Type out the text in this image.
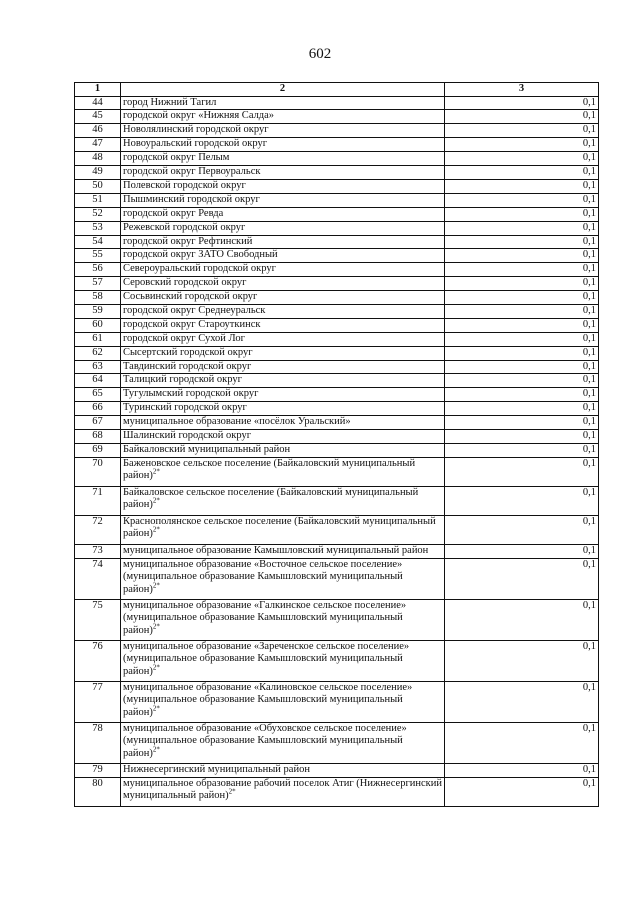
602
1	2	3
44	город Нижний Тагил	0,1
45	городской округ «Нижняя Салда»	0,1
46	Новолялинский городской округ	0,1
47	Новоуральский городской округ	0,1
48	городской округ Пелым	0,1
49	городской округ Первоуральск	0,1
50	Полевской городской округ	0,1
51	Пышминский городской округ	0,1
52	городской округ Ревда	0,1
53	Режевской городской округ	0,1
54	городской округ Рефтинский	0,1
55	городской округ ЗАТО Свободный	0,1
56	Североуральский городской округ	0,1
57	Серовский городской округ	0,1
58	Сосьвинский городской округ	0,1
59	городской округ Среднеуральск	0,1
60	городской округ Староуткинск	0,1
61	городской округ Сухой Лог	0,1
62	Сысертский городской округ	0,1
63	Тавдинский городской округ	0,1
64	Талицкий городской округ	0,1
65	Тугулымский городской округ	0,1
66	Туринский городской округ	0,1
67	муниципальное образование «посёлок Уральский»	0,1
68	Шалинский городской округ	0,1
69	Байкаловский муниципальный район	0,1
70	Баженовское сельское поселение (Байкаловский муниципальный район)$^{2*}$	0,1
71	Байкаловское сельское поселение (Байкаловский муниципальный район)$^{2*}$	0,1
72	Краснополянское сельское поселение (Байкаловский муниципальный район)$^{2*}$	0,1
73	муниципальное образование Камышловский муниципальный район	0,1
74	муниципальное образование «Восточное сельское поселение» (муниципальное образование Камышловский муниципальный район)$^{2*}$	0,1
75	муниципальное образование «Галкинское сельское поселение» (муниципальное образование Камышловский муниципальный район)$^{2*}$	0,1
76	муниципальное образование «Зареченское сельское поселение» (муниципальное образование Камышловский муниципальный район)$^{2*}$	0,1
77	муниципальное образование «Калиновское сельское поселение» (муниципальное образование Камышловский муниципальный район)$^{2*}$	0,1
78	муниципальное образование «Обуховское сельское поселение» (муниципальное образование Камышловский муниципальный район)$^{2*}$	0,1
79	Нижнесергинский муниципальный район	0,1
80	муниципальное образование рабочий поселок Атиг (Нижнесергинский муниципальный район)$^{2*}$	0,1
